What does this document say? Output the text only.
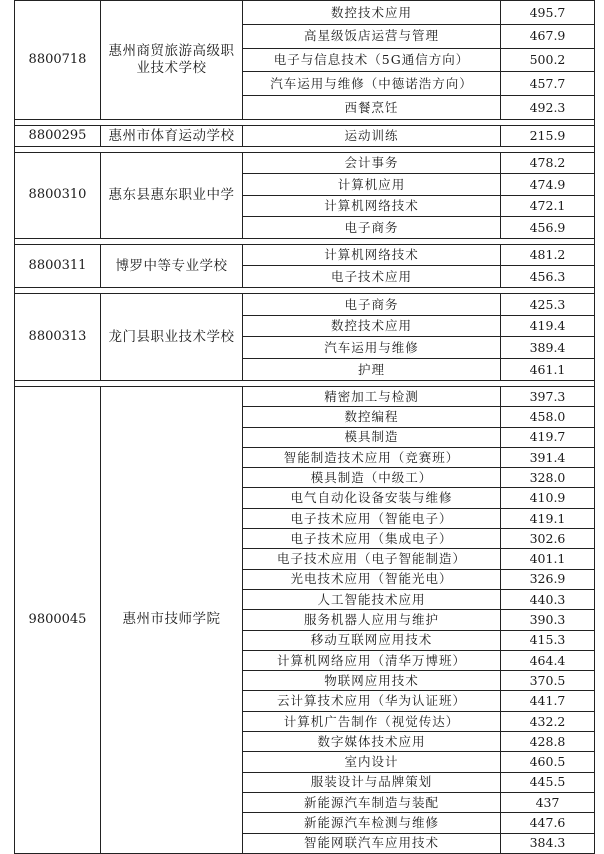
8800718	惠州商贸旅游高级职业技术学校	数控技术应用	495.7
		高星级饭店运营与管理	467.9
		电子与信息技术（5G通信方向）	500.2
		汽车运用与维修（中德诺浩方向）	457.7
		西餐烹饪	492.3

8800295	惠州市体育运动学校	运动训练	215.9

8800310	惠东县惠东职业中学	会计事务	478.2
		计算机应用	474.9
		计算机网络技术	472.1
		电子商务	456.9

8800311	博罗中等专业学校	计算机网络技术	481.2
		电子技术应用	456.3

8800313	龙门县职业技术学校	电子商务	425.3
		数控技术应用	419.4
		汽车运用与维修	389.4
		护理	461.1

9800045	惠州市技师学院	精密加工与检测	397.3
		数控编程	458.0
		模具制造	419.7
		智能制造技术应用（竞赛班）	391.4
		模具制造（中级工）	328.0
		电气自动化设备安装与维修	410.9
		电子技术应用（智能电子）	419.1
		电子技术应用（集成电子）	302.6
		电子技术应用（电子智能制造）	401.1
		光电技术应用（智能光电）	326.9
		人工智能技术应用	440.3
		服务机器人应用与维护	390.3
		移动互联网应用技术	415.3
		计算机网络应用（清华万博班）	464.4
		物联网应用技术	370.5
		云计算技术应用（华为认证班）	441.7
		计算机广告制作（视觉传达）	432.2
		数字媒体技术应用	428.8
		室内设计	460.5
		服装设计与品牌策划	445.5
		新能源汽车制造与装配	437
		新能源汽车检测与维修	447.6
		智能网联汽车应用技术	384.3
